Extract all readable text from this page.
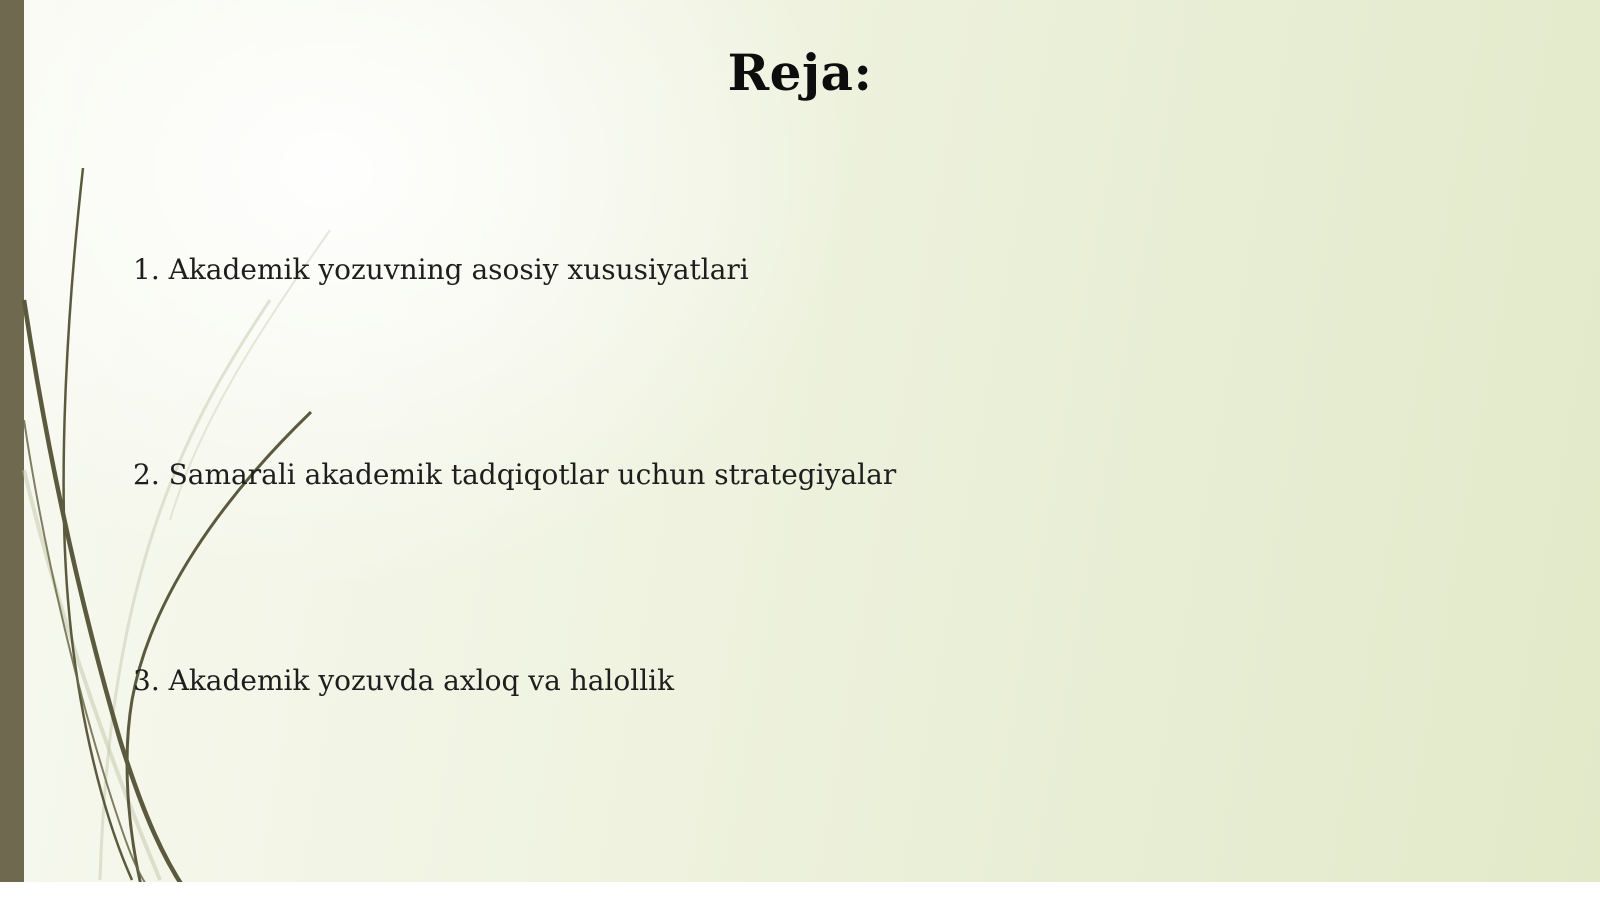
Reja:
1. Akademik yozuvning asosiy xususiyatlari
2. Samarali akademik tadqiqotlar uchun strategiyalar
3. Akademik yozuvda axloq va halollik
